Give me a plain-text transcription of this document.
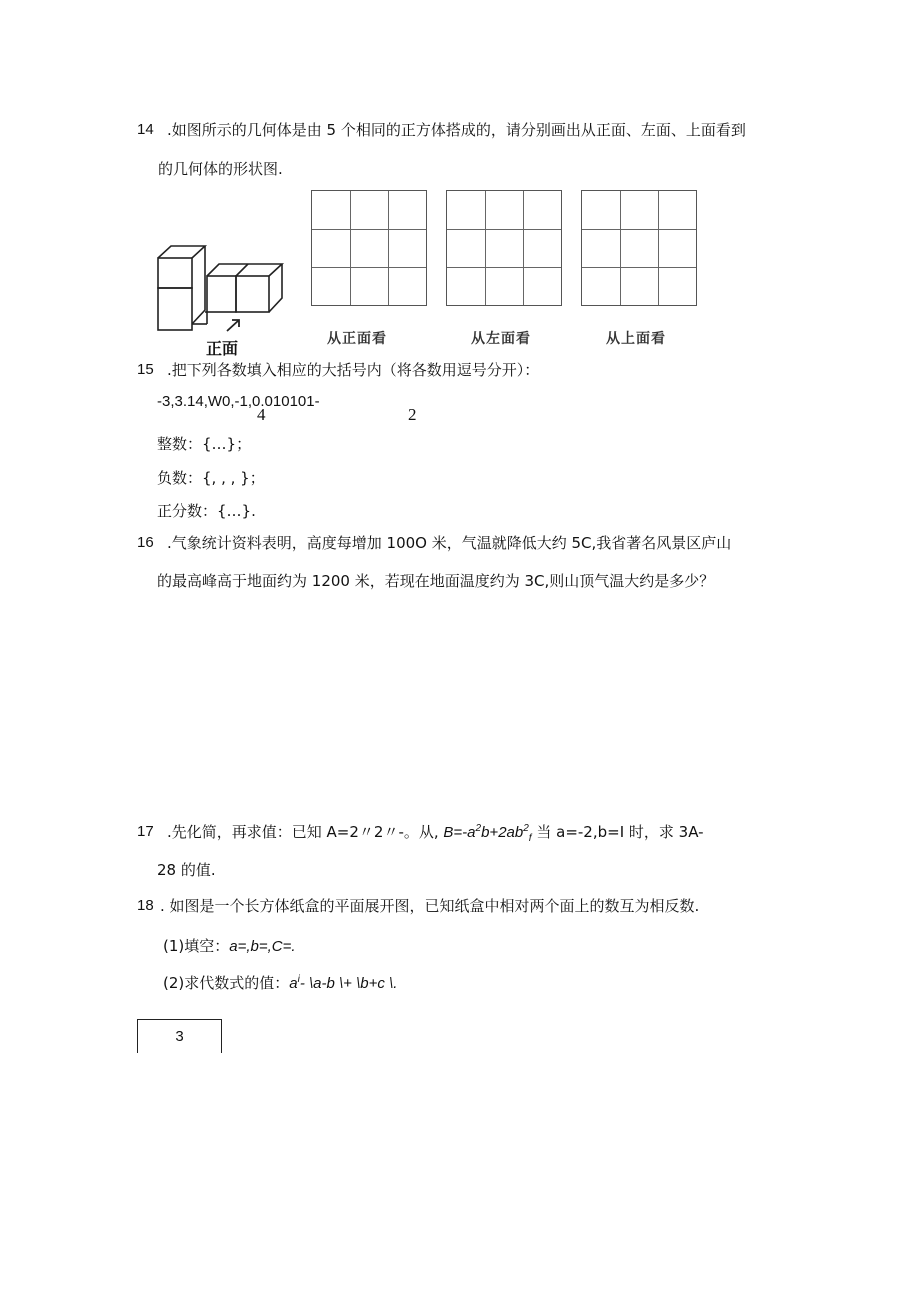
14 .如图所示的几何体是由 5 个相同的正方体搭成的，请分别画出从正面、左面、上面看到
的几何体的形状图.
正面	从正面看	从左面看	从上面看
15 .把下列各数填入相应的大括号内（将各数用逗号分开）：
-3,3.14,W0,-1,0.010101-
4	2
整数：{…}；
负数：{, , , }；
正分数：{…}.
16 .气象统计资料表明，高度每增加 100O 米，气温就降低大约 5C,我省著名风景区庐山
的最高峰高于地面约为 1200 米，若现在地面温度约为 3C,则山顶气温大约是多少？
17 .先化简，再求值：已知 A=2〃2〃-。从, $B=-a^2b+2ab^2_f$ 当 a=-2,b=I 时，求 3A-
28 的值.
18 . 如图是一个长方体纸盒的平面展开图，已知纸盒中相对两个面上的数互为相反数.
(1)填空：a=,b=,C=.
(2)求代数式的值：$a^i-$ \a-b \+ \b+c \.
3
